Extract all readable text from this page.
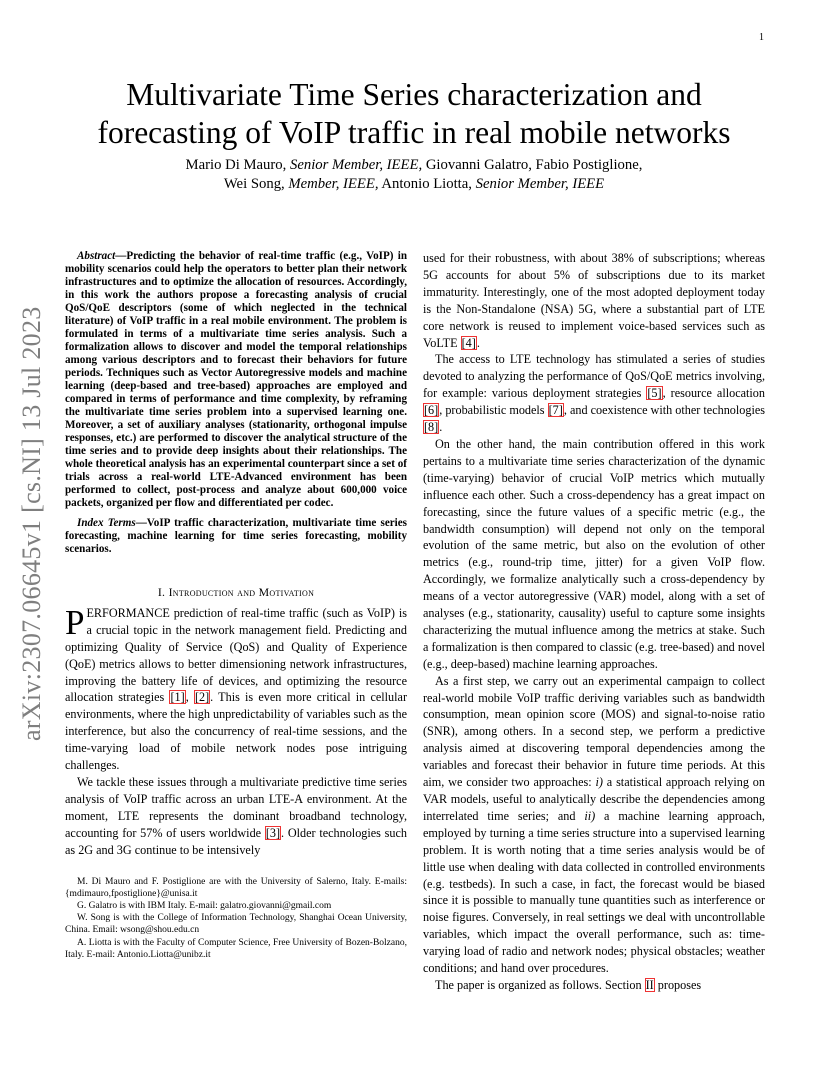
1
arXiv:2307.06645v1 [cs.NI] 13 Jul 2023
Multivariate Time Series characterization and forecasting of VoIP traffic in real mobile networks
Mario Di Mauro, Senior Member, IEEE, Giovanni Galatro, Fabio Postiglione,
Wei Song, Member, IEEE, Antonio Liotta, Senior Member, IEEE

Abstract—Predicting the behavior of real-time traffic (e.g., VoIP) in mobility scenarios could help the operators to better plan their network infrastructures and to optimize the allocation of resources. Accordingly, in this work the authors propose a forecasting analysis of crucial QoS/QoE descriptors (some of which neglected in the technical literature) of VoIP traffic in a real mobile environment. The problem is formulated in terms of a multivariate time series analysis. Such a formalization allows to discover and model the temporal relationships among various descriptors and to forecast their behaviors for future periods. Techniques such as Vector Autoregressive models and machine learning (deep-based and tree-based) approaches are employed and compared in terms of performance and time complexity, by reframing the multivariate time series problem into a supervised learning one. Moreover, a set of auxiliary analyses (stationarity, orthogonal impulse responses, etc.) are performed to discover the analytical structure of the time series and to provide deep insights about their relationships. The whole theoretical analysis has an experimental counterpart since a set of trials across a real-world LTE-Advanced environment has been performed to collect, post-process and analyze about 600,000 voice packets, organized per flow and differentiated per codec.

Index Terms—VoIP traffic characterization, multivariate time series forecasting, machine learning for time series forecasting, mobility scenarios.

I. Introduction and Motivation

PERFORMANCE prediction of real-time traffic (such as VoIP) is a crucial topic in the network management field. Predicting and optimizing Quality of Service (QoS) and Quality of Experience (QoE) metrics allows to better dimensioning network infrastructures, improving the battery life of devices, and optimizing the resource allocation strategies [1], [2]. This is even more critical in cellular environments, where the high unpredictability of variables such as the interference, but also the concurrency of real-time sessions, and the time-varying load of mobile network nodes pose intriguing challenges.

We tackle these issues through a multivariate predictive time series analysis of VoIP traffic across an urban LTE-A environment. At the moment, LTE represents the dominant broadband technology, accounting for 57% of users worldwide [3]. Older technologies such as 2G and 3G continue to be intensively

M. Di Mauro and F. Postiglione are with the University of Salerno, Italy. E-mails: {mdimauro,fpostiglione}@unisa.it

G. Galatro is with IBM Italy. E-mail: galatro.giovanni@gmail.com

W. Song is with the College of Information Technology, Shanghai Ocean University, China. Email: wsong@shou.edu.cn

A. Liotta is with the Faculty of Computer Science, Free University of Bozen-Bolzano, Italy. E-mail: Antonio.Liotta@unibz.it

used for their robustness, with about 38% of subscriptions; whereas 5G accounts for about 5% of subscriptions due to its market immaturity. Interestingly, one of the most adopted deployment today is the Non-Standalone (NSA) 5G, where a substantial part of LTE core network is reused to implement voice-based services such as VoLTE [4].

The access to LTE technology has stimulated a series of studies devoted to analyzing the performance of QoS/QoE metrics involving, for example: various deployment strategies [5], resource allocation [6], probabilistic models [7], and coexistence with other technologies [8].

On the other hand, the main contribution offered in this work pertains to a multivariate time series characterization of the dynamic (time-varying) behavior of crucial VoIP metrics which mutually influence each other. Such a cross-dependency has a great impact on forecasting, since the future values of a specific metric (e.g., the bandwidth consumption) will depend not only on the temporal evolution of the same metric, but also on the evolution of other metrics (e.g., round-trip time, jitter) for a given VoIP flow. Accordingly, we formalize analytically such a cross-dependency by means of a vector autoregressive (VAR) model, along with a set of analyses (e.g., stationarity, causality) useful to capture some insights characterizing the mutual influence among the metrics at stake. Such a formalization is then compared to classic (e.g. tree-based) and novel (e.g., deep-based) machine learning approaches.

As a first step, we carry out an experimental campaign to collect real-world mobile VoIP traffic deriving variables such as bandwidth consumption, mean opinion score (MOS) and signal-to-noise ratio (SNR), among others. In a second step, we perform a predictive analysis aimed at discovering temporal dependencies among the variables and forecast their behavior in future time periods. At this aim, we consider two approaches: i) a statistical approach relying on VAR models, useful to analytically describe the dependencies among interrelated time series; and ii) a machine learning approach, employed by turning a time series structure into a supervised learning problem. It is worth noting that a time series analysis would be of little use when dealing with data collected in controlled environments (e.g. testbeds). In such a case, in fact, the forecast would be biased since it is possible to manually tune quantities such as interference or noise figures. Conversely, in real settings we deal with uncontrollable variables, which impact the overall performance, such as: time-varying load of radio and network nodes; physical obstacles; weather conditions; and hand over procedures.

The paper is organized as follows. Section II proposes
